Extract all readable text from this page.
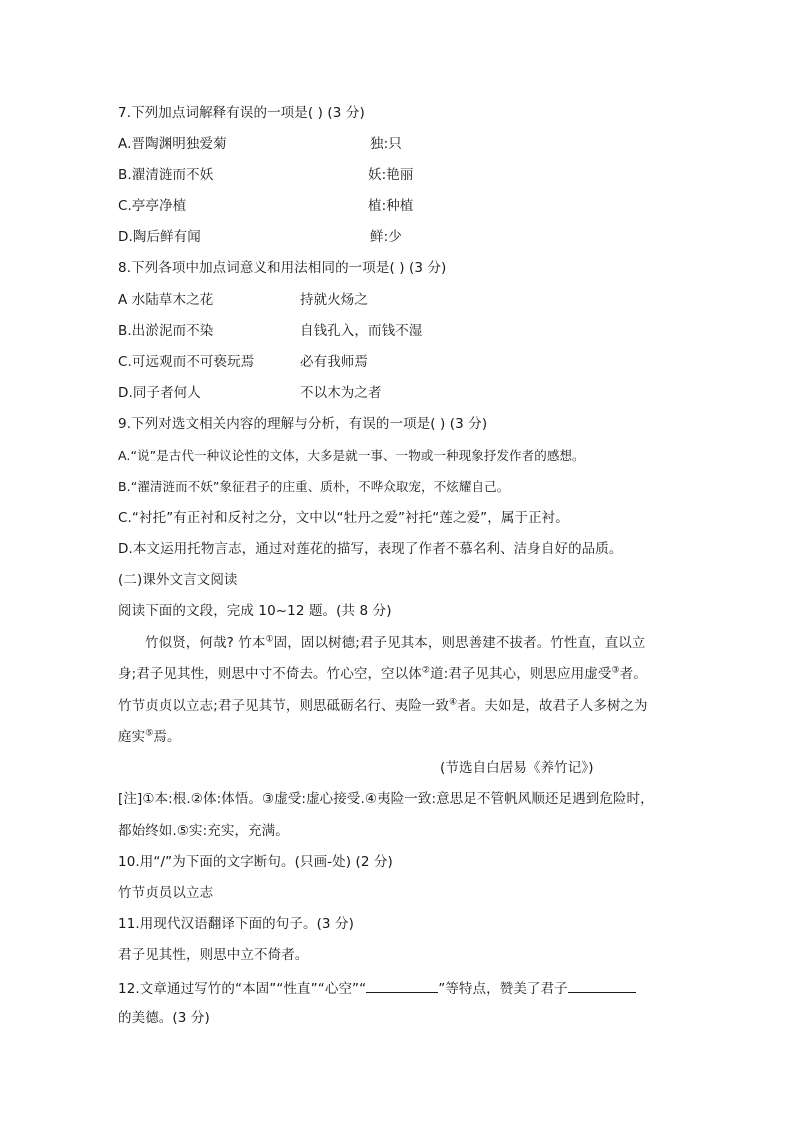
7.下列加点词解释有误的一项是( ) (3 分)
A.晋陶渊明独爱菊	独:只
B.濯清涟而不妖	妖:艳丽
C.亭亭净植	植:种植
D.陶后鲜有闻	鲜:少
8.下列各项中加点词意义和用法相同的一项是( ) (3 分)
A 水陆草木之花	持就火炀之
B.出淤泥而不染	自钱孔入，而钱不湿
C.可远观而不可亵玩焉	必有我师焉
D.同子者何人	不以木为之者
9.下列对选文相关内容的理解与分析，有误的一项是( ) (3 分)
A.“说”是古代一种议论性的文体，大多是就一事、一物或一种现象抒发作者的感想。
B.“濯清涟而不妖”象征君子的庄重、质朴，不哗众取宠，不炫耀自己。
C.“衬托”有正衬和反衬之分，文中以“牡丹之爱”衬托“莲之爱”，属于正衬。
D.本文运用托物言志，通过对莲花的描写，表现了作者不慕名利、洁身自好的品质。
(二)课外文言文阅读
阅读下面的文段，完成 10~12 题。(共 8 分)
竹似贤，何哉? 竹本①固，固以树德;君子见其本，则思善建不拔者。竹性直，直以立
身;君子见其性，则思中寸不倚去。竹心空，空以体②道:君子见其心，则思应用虚受③者。
竹节贞贞以立志;君子见其节，则思砥砺名行、夷险一致④者。夫如是，故君子人多树之为
庭实⑤焉。
(节选自白居易《养竹记》)
[注]①本:根.②体:体悟。③虚受:虚心接受.④夷险一致:意思足不管帆风顺还足遇到危险时，
都始终如.⑤实:充实，充满。
10.用“/”为下面的文字断句。(只画-处) (2 分)
竹节贞员以立志
11.用现代汉语翻译下面的句子。(3 分)
君子见其性，则思中立不倚者。
12.文章通过写竹的“本固”“性直”“心空”“	”等特点，赞美了君子
的美德。(3 分)
